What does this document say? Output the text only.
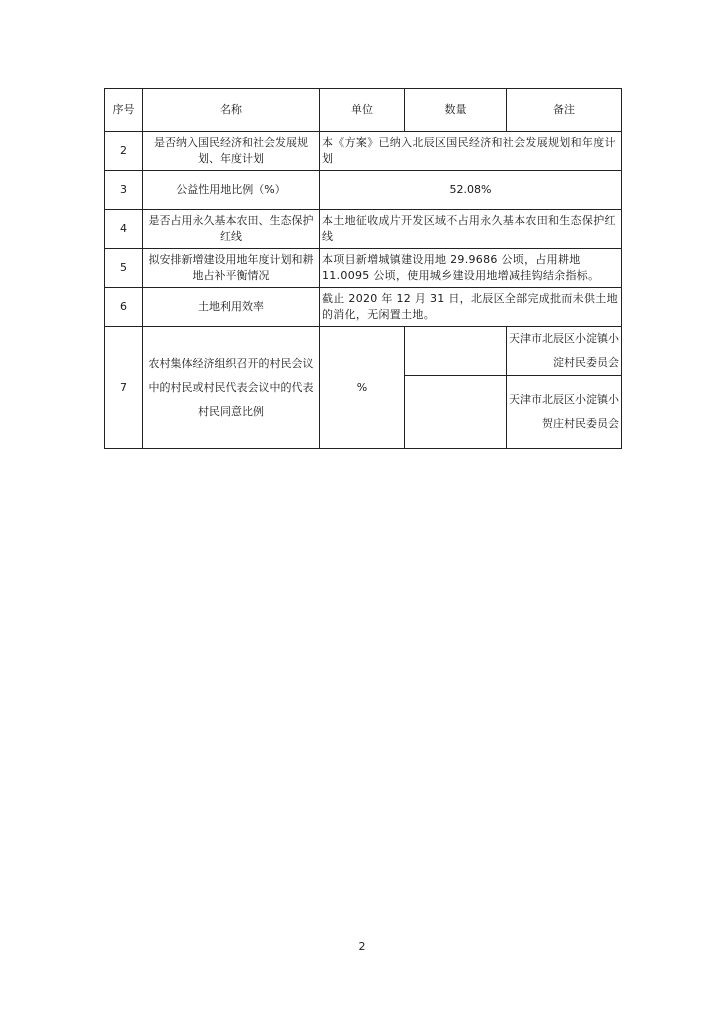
序号	名称	单位	数量	备注
2	是否纳入国民经济和社会发展规划、年度计划	本《方案》已纳入北辰区国民经济和社会发展规划和年度计划		
3	公益性用地比例（%）	52.08%		
4	是否占用永久基本农田、生态保护红线	本土地征收成片开发区域不占用永久基本农田和生态保护红线		
5	拟安排新增建设用地年度计划和耕地占补平衡情况	本项目新增城镇建设用地 29.9686 公顷，占用耕地 11.0095 公顷，使用城乡建设用地增减挂钩结余指标。		
6	土地利用效率	截止 2020 年 12 月 31 日，北辰区全部完成批而未供土地的消化，无闲置土地。		
7	农村集体经济组织召开的村民会议中的村民或村民代表会议中的代表村民同意比例	%		天津市北辰区小淀镇小淀村民委员会
				天津市北辰区小淀镇小贺庄村民委员会
2
